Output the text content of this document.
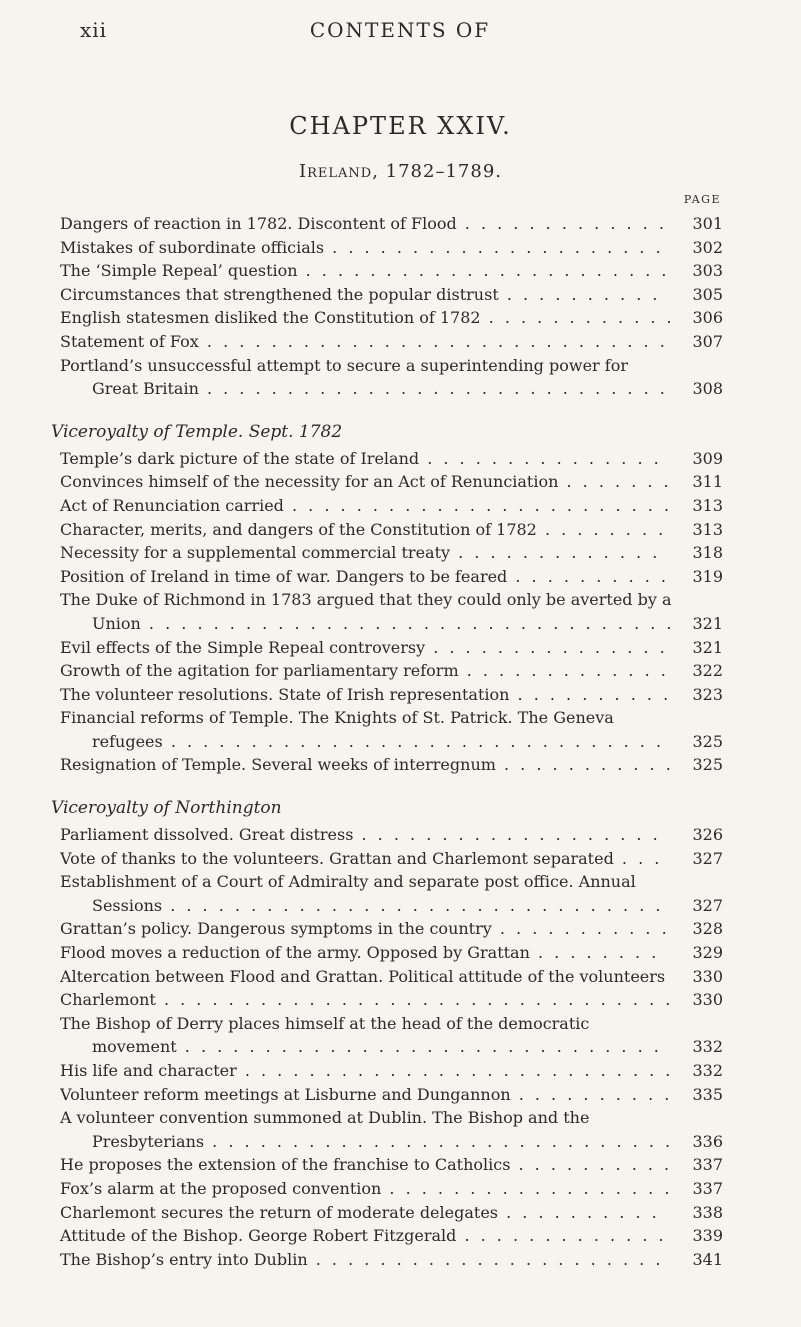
xii	CONTENTS OF
CHAPTER XXIV.
Ireland, 1782–1789.
PAGE
Dangers of reaction in 1782. Discontent of Flood . . .	301
Mistakes of subordinate officials . . .	302
The ‘Simple Repeal’ question . . .	303
Circumstances that strengthened the popular distrust . . .	305
English statesmen disliked the Constitution of 1782 . . .	306
Statement of Fox . . .	307
Portland’s unsuccessful attempt to secure a superintending power for Great Britain . . .	308
Viceroyalty of Temple. Sept. 1782
Temple’s dark picture of the state of Ireland . . .	309
Convinces himself of the necessity for an Act of Renunciation . . .	311
Act of Renunciation carried . . .	313
Character, merits, and dangers of the Constitution of 1782 . . .	313
Necessity for a supplemental commercial treaty . . .	318
Position of Ireland in time of war. Dangers to be feared . . .	319
The Duke of Richmond in 1783 argued that they could only be averted by a Union . . .	321
Evil effects of the Simple Repeal controversy . . .	321
Growth of the agitation for parliamentary reform . . .	322
The volunteer resolutions. State of Irish representation . . .	323
Financial reforms of Temple. The Knights of St. Patrick. The Geneva refugees . . .	325
Resignation of Temple. Several weeks of interregnum . . .	325
Viceroyalty of Northington
Parliament dissolved. Great distress . . .	326
Vote of thanks to the volunteers. Grattan and Charlemont separated . . .	327
Establishment of a Court of Admiralty and separate post office. Annual Sessions . . .	327
Grattan’s policy. Dangerous symptoms in the country . . .	328
Flood moves a reduction of the army. Opposed by Grattan . . .	329
Altercation between Flood and Grattan. Political attitude of the volunteers . . .	330
Charlemont . . .	330
The Bishop of Derry places himself at the head of the democratic movement . . .	332
His life and character . . .	332
Volunteer reform meetings at Lisburne and Dungannon . . .	335
A volunteer convention summoned at Dublin. The Bishop and the Presbyterians . . .	336
He proposes the extension of the franchise to Catholics . . .	337
Fox’s alarm at the proposed convention . . .	337
Charlemont secures the return of moderate delegates . . .	338
Attitude of the Bishop. George Robert Fitzgerald . . .	339
The Bishop’s entry into Dublin . . .	341
